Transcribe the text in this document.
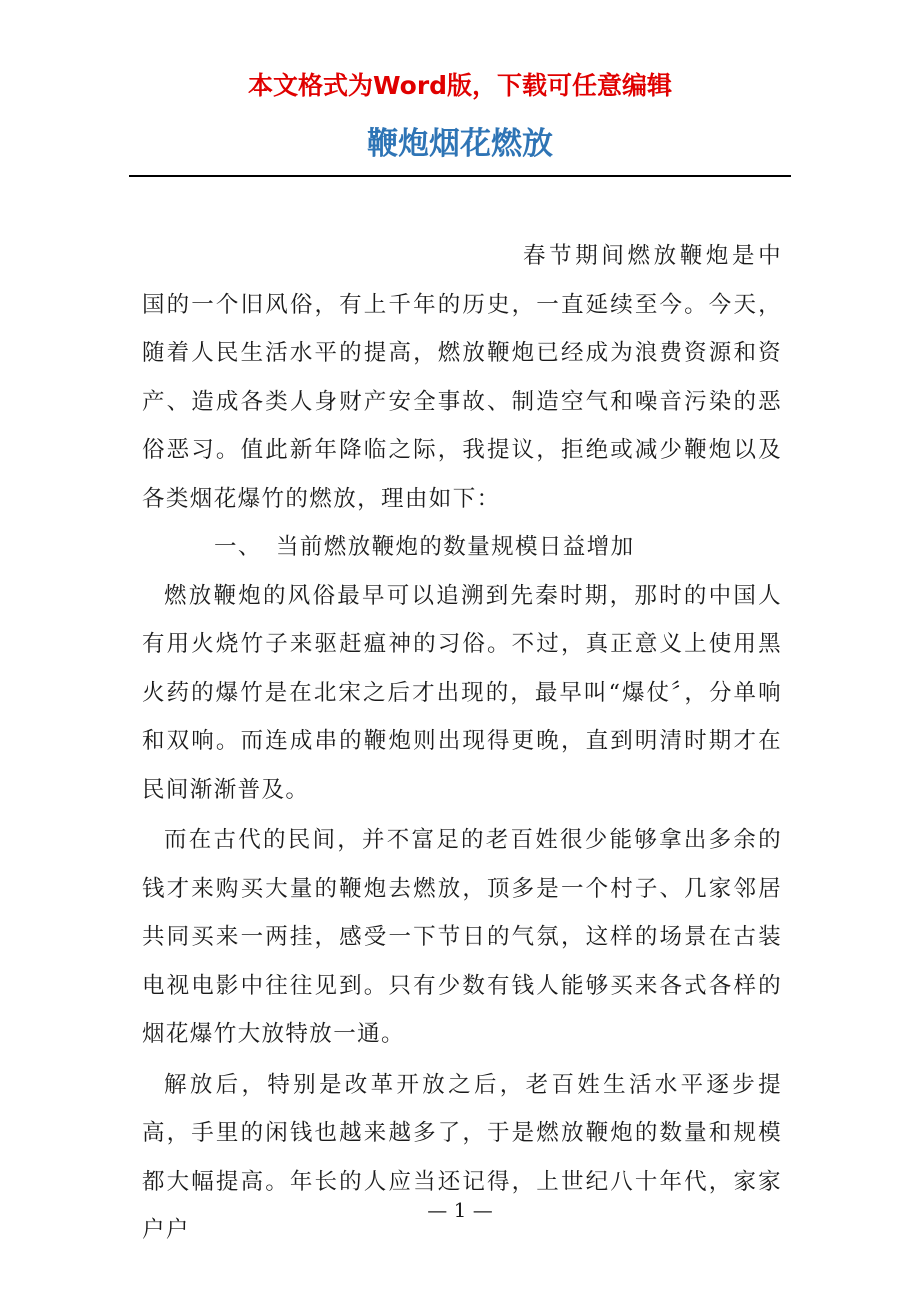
本文格式为Word版，下载可任意编辑
鞭炮烟花燃放

春节期间燃放鞭炮是中国的一个旧风俗，有上千年的历史，一直延续至今。今天，随着人民生活水平的提高，燃放鞭炮已经成为浪费资源和资产、造成各类人身财产安全事故、制造空气和噪音污染的恶俗恶习。值此新年降临之际，我提议，拒绝或减少鞭炮以及各类烟花爆竹的燃放，理由如下：

一、 当前燃放鞭炮的数量规模日益增加

燃放鞭炮的风俗最早可以追溯到先秦时期，那时的中国人有用火烧竹子来驱赶瘟神的习俗。不过，真正意义上使用黑火药的爆竹是在北宋之后才出现的，最早叫“爆仗〞，分单响和双响。而连成串的鞭炮则出现得更晚，直到明清时期才在民间渐渐普及。

而在古代的民间，并不富足的老百姓很少能够拿出多余的钱才来购买大量的鞭炮去燃放，顶多是一个村子、几家邻居共同买来一两挂，感受一下节日的气氛，这样的场景在古装电视电影中往往见到。只有少数有钱人能够买来各式各样的烟花爆竹大放特放一通。

解放后，特别是改革开放之后，老百姓生活水平逐步提高，手里的闲钱也越来越多了，于是燃放鞭炮的数量和规模都大幅提高。年长的人应当还记得，上世纪八十年代，家家户户

— 1 —
